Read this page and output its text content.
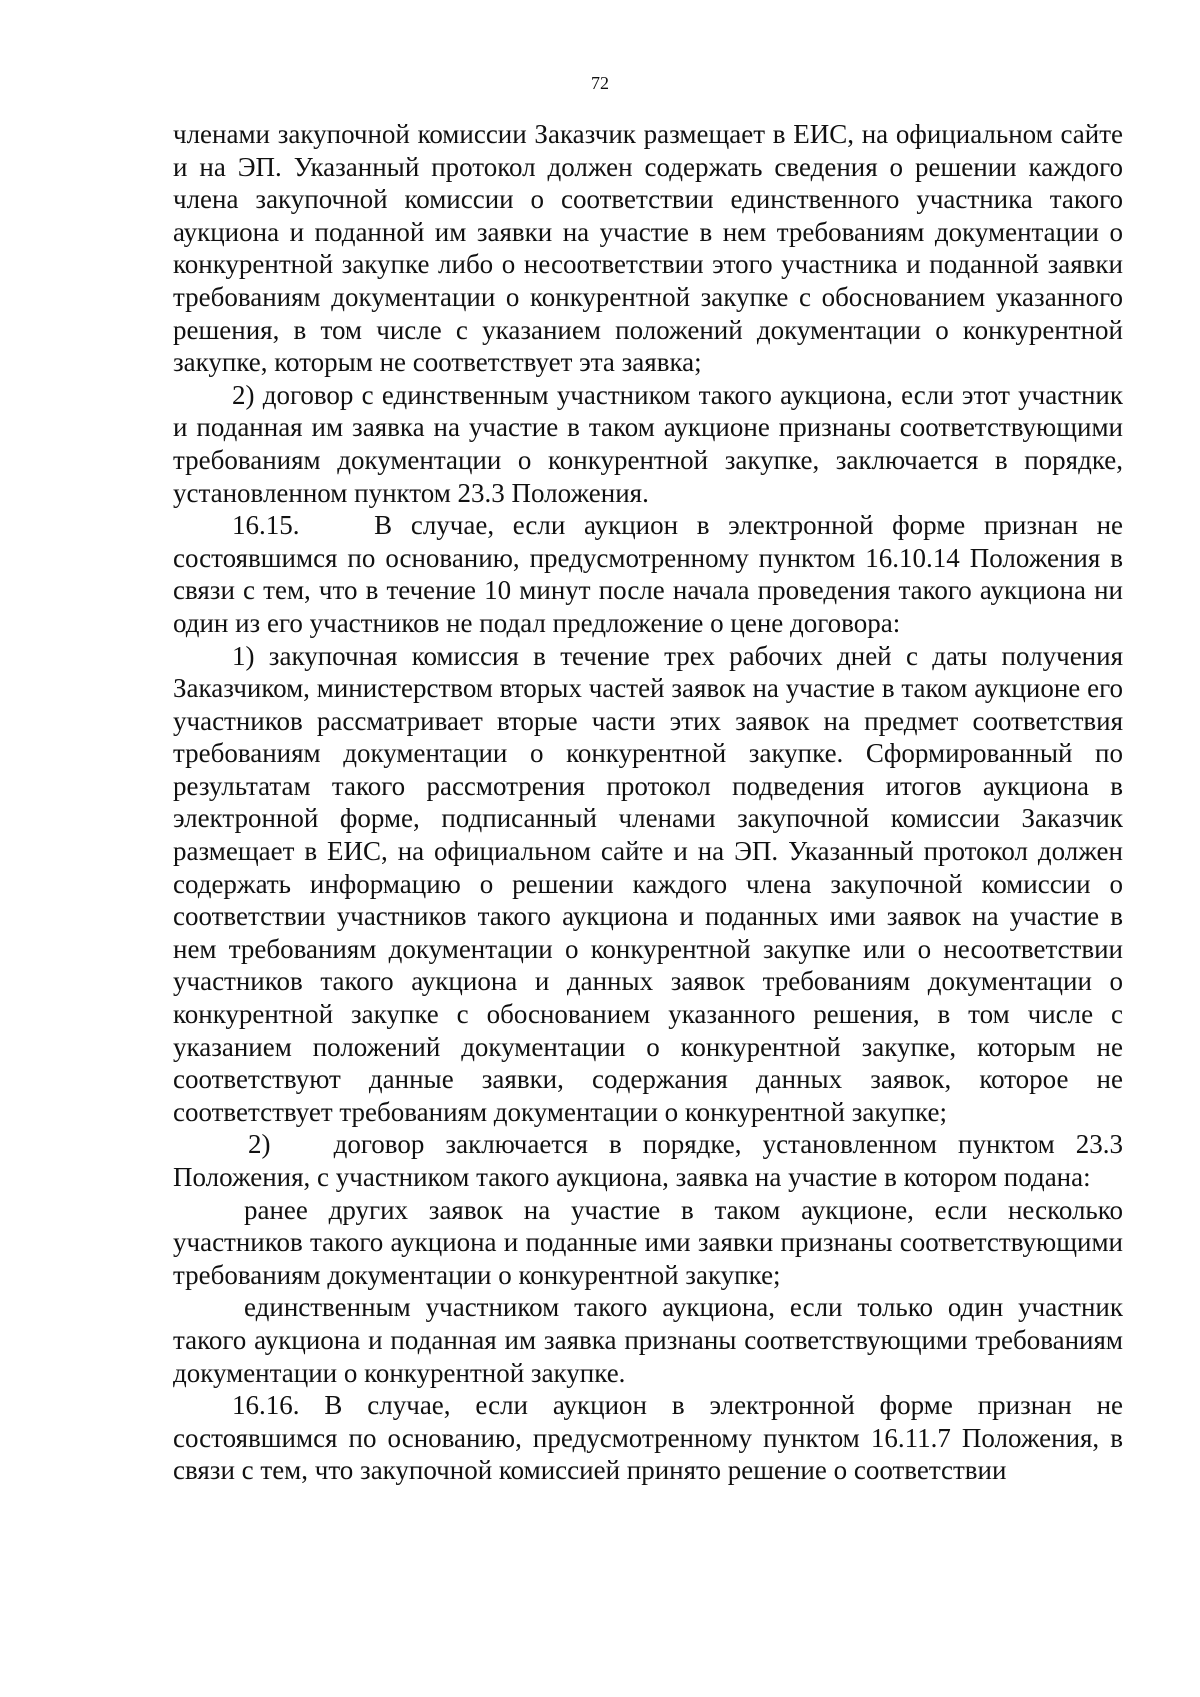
72

членами закупочной комиссии Заказчик размещает в ЕИС, на официальном сайте и на ЭП. Указанный протокол должен содержать сведения о решении каждого члена закупочной комиссии о соответствии единственного участника такого аукциона и поданной им заявки на участие в нем требованиям документации о конкурентной закупке либо о несоответствии этого участника и поданной заявки требованиям документации о конкурентной закупке с обоснованием указанного решения, в том числе с указанием положений документации о конкурентной закупке, которым не соответствует эта заявка;

2) договор с единственным участником такого аукциона, если этот участник и поданная им заявка на участие в таком аукционе признаны соответствующими требованиям документации о конкурентной закупке, заключается в порядке, установленном пунктом 23.3 Положения.

16.15.    В случае, если аукцион в электронной форме признан не состоявшимся по основанию, предусмотренному пунктом 16.10.14 Положения в связи с тем, что в течение 10 минут после начала проведения такого аукциона ни один из его участников не подал предложение о цене договора:

1) закупочная комиссия в течение трех рабочих дней с даты получения Заказчиком, министерством вторых частей заявок на участие в таком аукционе его участников рассматривает вторые части этих заявок на предмет соответствия требованиям документации о конкурентной закупке. Сформированный по результатам такого рассмотрения протокол подведения итогов аукциона в электронной форме, подписанный членами закупочной комиссии Заказчик размещает в ЕИС, на официальном сайте и на ЭП. Указанный протокол должен содержать информацию о решении каждого члена закупочной комиссии о соответствии участников такого аукциона и поданных ими заявок на участие в нем требованиям документации о конкурентной закупке или о несоответствии участников такого аукциона и данных заявок требованиям документации о конкурентной закупке с обоснованием указанного решения, в том числе с указанием положений документации о конкурентной закупке, которым не соответствуют данные заявки, содержания данных заявок, которое не соответствует требованиям документации о конкурентной закупке;

2)   договор заключается в порядке, установленном пунктом 23.3 Положения, с участником такого аукциона, заявка на участие в котором подана:

ранее других заявок на участие в таком аукционе, если несколько участников такого аукциона и поданные ими заявки признаны соответствующими требованиям документации о конкурентной закупке;

единственным участником такого аукциона, если только один участник такого аукциона и поданная им заявка признаны соответствующими требованиям документации о конкурентной закупке.

16.16. В случае, если аукцион в электронной форме признан не состоявшимся по основанию, предусмотренному пунктом 16.11.7 Положения, в связи с тем, что закупочной комиссией принято решение о соответствии
